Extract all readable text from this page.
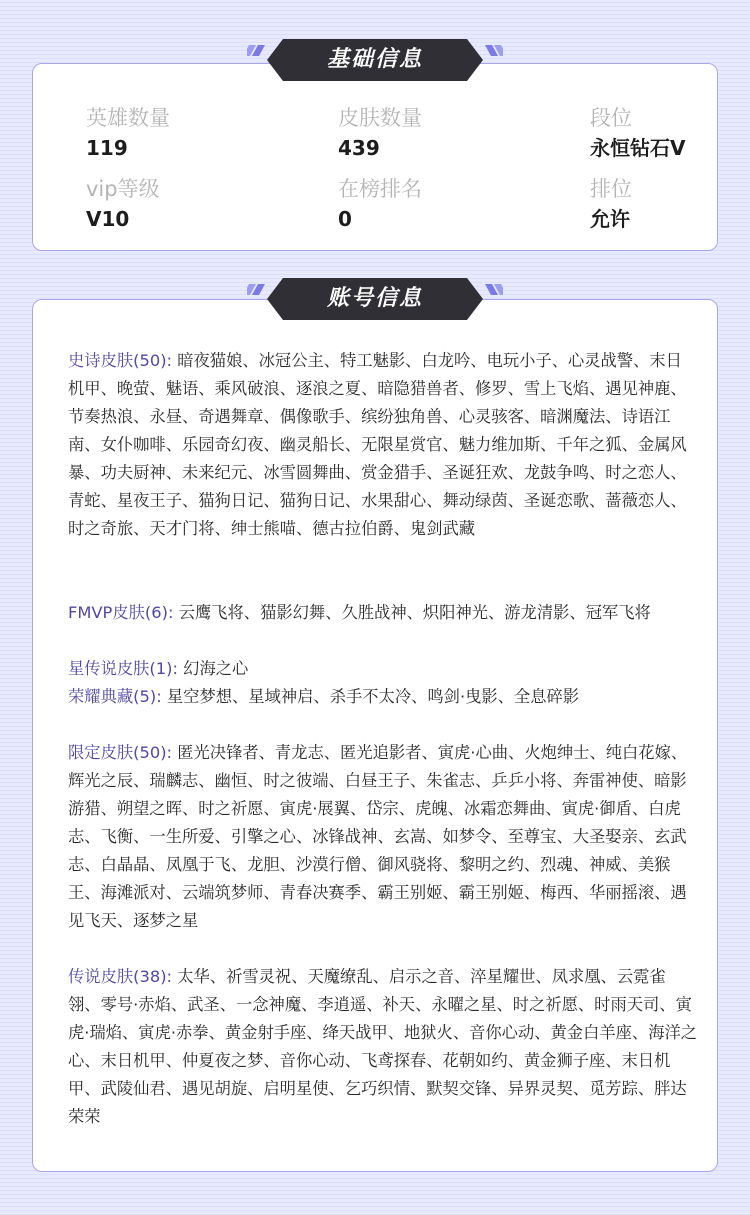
基础信息
英雄数量
119
皮肤数量
439
段位
永恒钻石V
vip等级
V10
在榜排名
0
排位
允许
账号信息
史诗皮肤(50): 暗夜猫娘、冰冠公主、特工魅影、白龙吟、电玩小子、心灵战警、末日机甲、晚萤、魅语、乘风破浪、逐浪之夏、暗隐猎兽者、修罗、雪上飞焰、遇见神鹿、节奏热浪、永昼、奇遇舞章、偶像歌手、缤纷独角兽、心灵骇客、暗渊魔法、诗语江南、女仆咖啡、乐园奇幻夜、幽灵船长、无限星赏官、魅力维加斯、千年之狐、金属风暴、功夫厨神、未来纪元、冰雪圆舞曲、赏金猎手、圣诞狂欢、龙鼓争鸣、时之恋人、青蛇、星夜王子、猫狗日记、猫狗日记、水果甜心、舞动绿茵、圣诞恋歌、蔷薇恋人、时之奇旅、天才门将、绅士熊喵、德古拉伯爵、鬼剑武藏
FMVP皮肤(6): 云鹰飞将、猫影幻舞、久胜战神、炽阳神光、游龙清影、冠军飞将
星传说皮肤(1): 幻海之心
荣耀典藏(5): 星空梦想、星域神启、杀手不太冷、鸣剑·曳影、全息碎影
限定皮肤(50): 匿光决锋者、青龙志、匿光追影者、寅虎·心曲、火炮绅士、纯白花嫁、辉光之辰、瑞麟志、幽恒、时之彼端、白昼王子、朱雀志、乒乒小将、奔雷神使、暗影游猎、朔望之晖、时之祈愿、寅虎·展翼、岱宗、虎魄、冰霜恋舞曲、寅虎·御盾、白虎志、飞衡、一生所爱、引擎之心、冰锋战神、玄嵩、如梦令、至尊宝、大圣娶亲、玄武志、白晶晶、凤凰于飞、龙胆、沙漠行僧、御风骁将、黎明之约、烈魂、神威、美猴王、海滩派对、云端筑梦师、青春决赛季、霸王别姬、霸王别姬、梅西、华丽摇滚、遇见飞天、逐梦之星
传说皮肤(38): 太华、祈雪灵祝、天魔缭乱、启示之音、淬星耀世、凤求凰、云霓雀翎、零号·赤焰、武圣、一念神魔、李逍遥、补天、永曜之星、时之祈愿、时雨天司、寅虎·瑞焰、寅虎·赤拳、黄金射手座、绛天战甲、地狱火、音你心动、黄金白羊座、海洋之心、末日机甲、仲夏夜之梦、音你心动、飞鸢探春、花朝如约、黄金狮子座、末日机甲、武陵仙君、遇见胡旋、启明星使、乞巧织情、默契交锋、异界灵契、觅芳踪、胖达荣荣
